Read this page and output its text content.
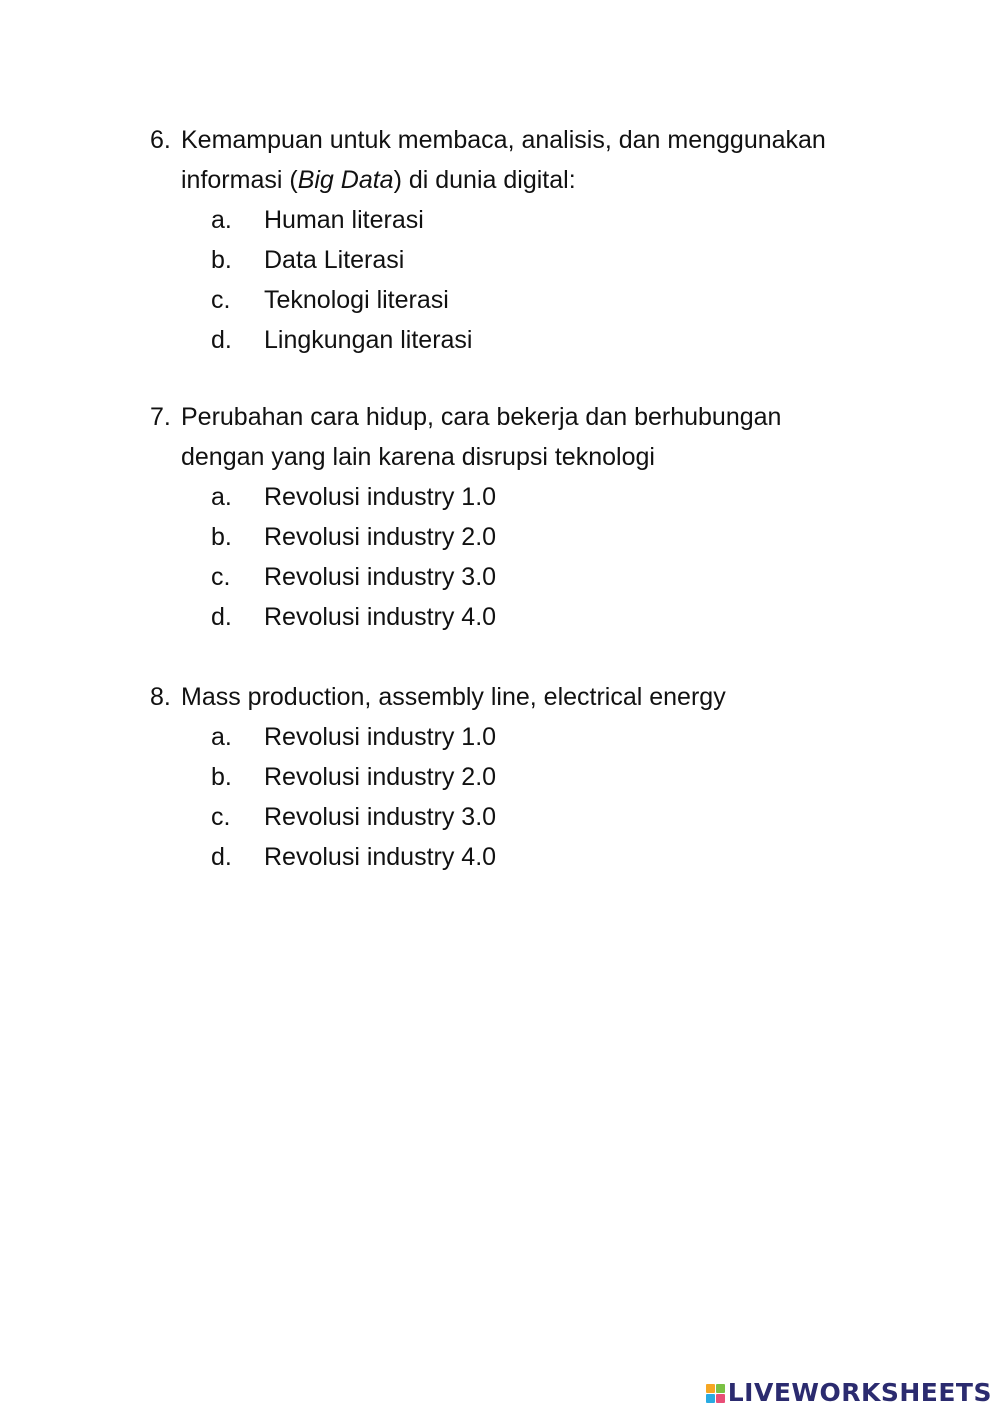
6. Kemampuan untuk membaca, analisis, dan menggunakan informasi (Big Data) di dunia digital:
a.	Human literasi
b.	Data Literasi
c.	Teknologi literasi
d.	Lingkungan literasi
7. Perubahan cara hidup, cara bekerja dan berhubungan dengan yang lain karena disrupsi teknologi
a.	Revolusi industry 1.0
b.	Revolusi industry 2.0
c.	Revolusi industry 3.0
d.	Revolusi industry 4.0
8. Mass production, assembly line, electrical energy
a.	Revolusi industry 1.0
b.	Revolusi industry 2.0
c.	Revolusi industry 3.0
d.	Revolusi industry 4.0
LIVEWORKSHEETS
